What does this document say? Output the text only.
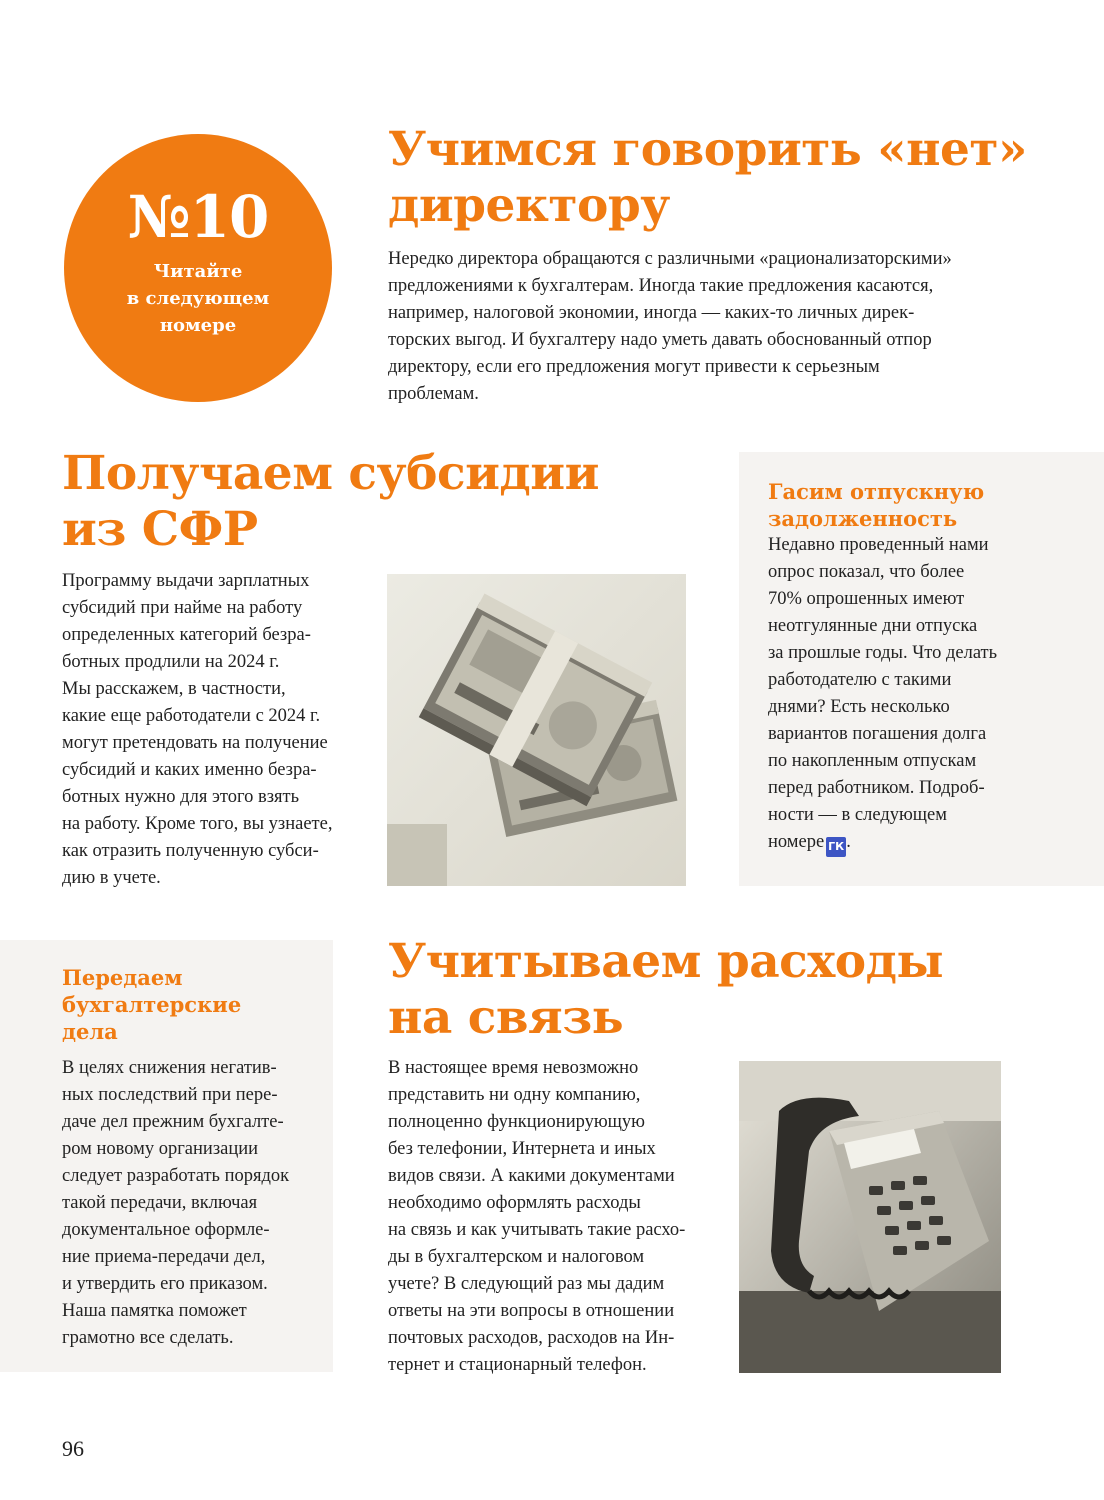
№10
Читайте
в следующем
номере
Учимся говорить «нет»
директору

Нередко директора обращаются с различными «рационализаторскими»
предложениями к бухгалтерам. Иногда такие предложения касаются,
например, налоговой экономии, иногда — каких-то личных дирек-
торских выгод. И бухгалтеру надо уметь давать обоснованный отпор
директору, если его предложения могут привести к серьезным
проблемам.

Получаем субсидии
из СФР

Программу выдачи зарплатных
субсидий при найме на работу
определенных категорий безра-
ботных продлили на 2024 г.
Мы расскажем, в частности,
какие еще работодатели с 2024 г.
могут претендовать на получение
субсидий и каких именно безра-
ботных нужно для этого взять
на работу. Кроме того, вы узнаете,
как отразить полученную субси-
дию в учете.

Гасим отпускную
задолженность

Недавно проведенный нами
опрос показал, что более
70% опрошенных имеют
неотгулянные дни отпуска
за прошлые годы. Что делать
работодателю с такими
днями? Есть несколько
вариантов погашения долга
по накопленным отпускам
перед работником. Подроб-
ности — в следующем
номере ГК .

Передаем
бухгалтерские
дела

В целях снижения негатив-
ных последствий при пере-
даче дел прежним бухгалте-
ром новому организации
следует разработать порядок
такой передачи, включая
документальное оформле-
ние приема-передачи дел,
и утвердить его приказом.
Наша памятка поможет
грамотно все сделать.

Учитываем расходы
на связь

В настоящее время невозможно
представить ни одну компанию,
полноценно функционирующую
без телефонии, Интернета и иных
видов связи. А какими документами
необходимо оформлять расходы
на связь и как учитывать такие расхо-
ды в бухгалтерском и налоговом
учете? В следующий раз мы дадим
ответы на эти вопросы в отношении
почтовых расходов, расходов на Ин-
тернет и стационарный телефон.

96
